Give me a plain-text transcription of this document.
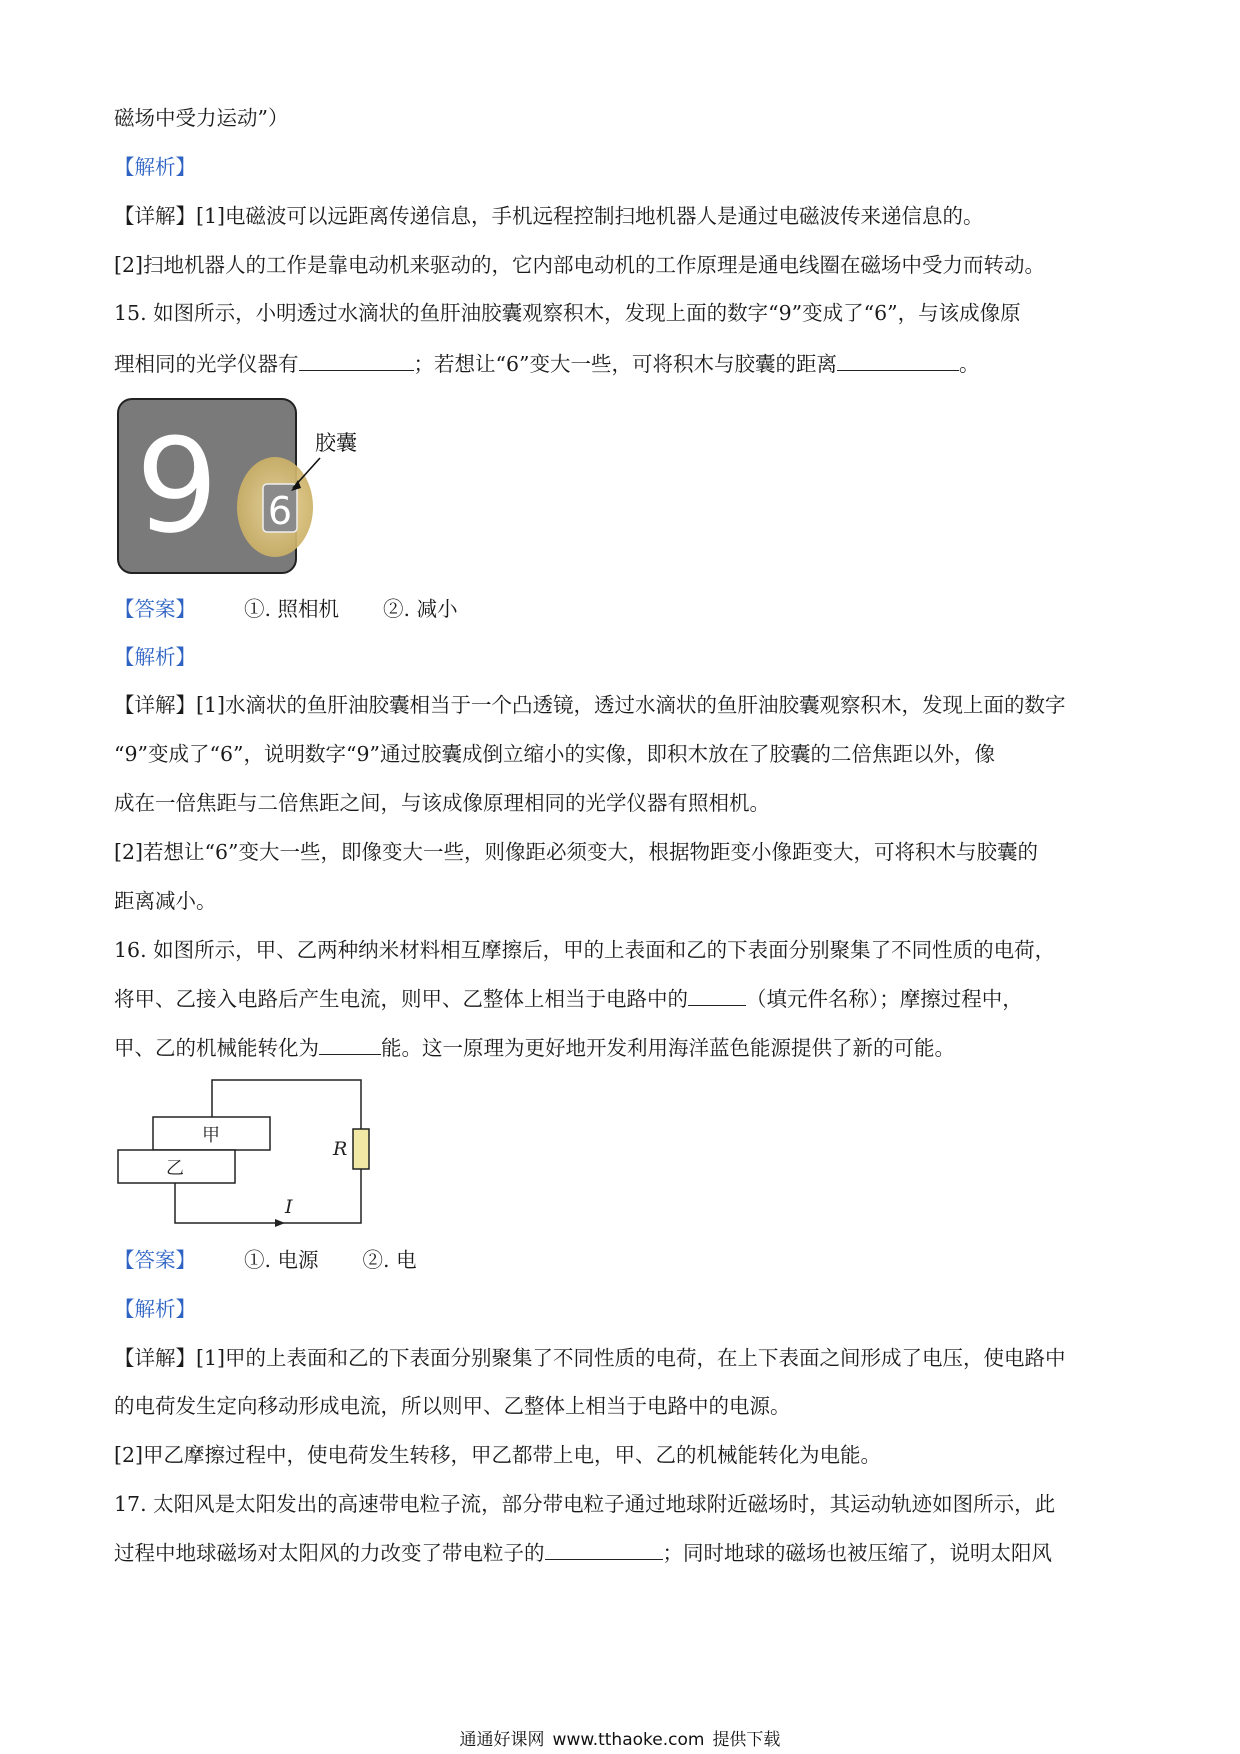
磁场中受力运动”）
【解析】
【详解】[1]电磁波可以远距离传递信息，手机远程控制扫地机器人是通过电磁波传来递信息的。
[2]扫地机器人的工作是靠电动机来驱动的，它内部电动机的工作原理是通电线圈在磁场中受力而转动。
15. 如图所示，小明透过水滴状的鱼肝油胶囊观察积木，发现上面的数字“9”变成了“6”，与该成像原
理相同的光学仪器有	；若想让“6”变大一些，可将积木与胶囊的距离	。
9 6
胶囊
【答案】 ①. 照相机 ②. 减小
【解析】
【详解】[1]水滴状的鱼肝油胶囊相当于一个凸透镜，透过水滴状的鱼肝油胶囊观察积木，发现上面的数字
“9”变成了“6”，说明数字“9”通过胶囊成倒立缩小的实像，即积木放在了胶囊的二倍焦距以外，像
成在一倍焦距与二倍焦距之间，与该成像原理相同的光学仪器有照相机。
[2]若想让“6”变大一些，即像变大一些，则像距必须变大，根据物距变小像距变大，可将积木与胶囊的
距离减小。
16. 如图所示，甲、乙两种纳米材料相互摩擦后，甲的上表面和乙的下表面分别聚集了不同性质的电荷，
将甲、乙接入电路后产生电流，则甲、乙整体上相当于电路中的	（填元件名称）；摩擦过程中，
甲、乙的机械能转化为	能。这一原理为更好地开发利用海洋蓝色能源提供了新的可能。
甲
乙
R
I
【答案】 ①. 电源 ②. 电
【解析】
【详解】[1]甲的上表面和乙的下表面分别聚集了不同性质的电荷，在上下表面之间形成了电压，使电路中
的电荷发生定向移动形成电流，所以则甲、乙整体上相当于电路中的电源。
[2]甲乙摩擦过程中，使电荷发生转移，甲乙都带上电，甲、乙的机械能转化为电能。
17. 太阳风是太阳发出的高速带电粒子流，部分带电粒子通过地球附近磁场时，其运动轨迹如图所示，此
过程中地球磁场对太阳风的力改变了带电粒子的	；同时地球的磁场也被压缩了，说明太阳风
通通好课网 www.tthaoke.com 提供下载
